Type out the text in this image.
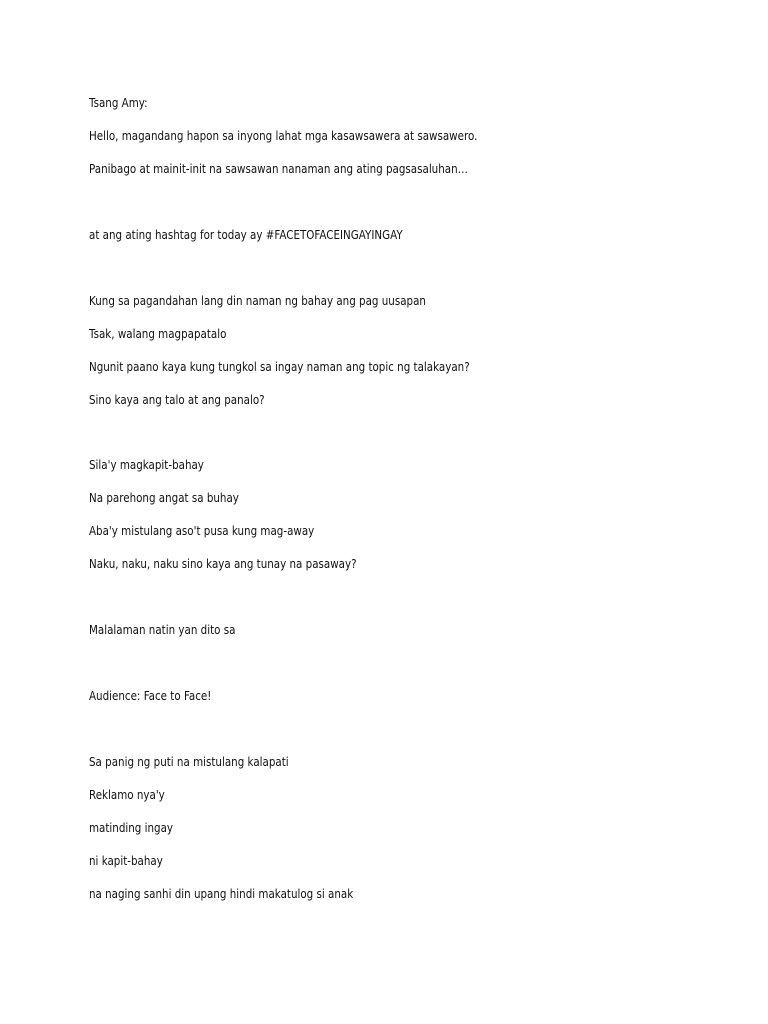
Tsang Amy:

Hello, magandang hapon sa inyong lahat mga kasawsawera at sawsawero.

Panibago at mainit-init na sawsawan nanaman ang ating pagsasaluhan…

at ang ating hashtag for today ay #FACETOFACEINGAYINGAY

Kung sa pagandahan lang din naman ng bahay ang pag uusapan

Tsak, walang magpapatalo

Ngunit paano kaya kung tungkol sa ingay naman ang topic ng talakayan?

Sino kaya ang talo at ang panalo?

Sila'y magkapit-bahay

Na parehong angat sa buhay

Aba'y mistulang aso't pusa kung mag-away

Naku, naku, naku sino kaya ang tunay na pasaway?

Malalaman natin yan dito sa

Audience: Face to Face!

Sa panig ng puti na mistulang kalapati

Reklamo nya'y

matinding ingay

ni kapit-bahay

na naging sanhi din upang hindi makatulog si anak
